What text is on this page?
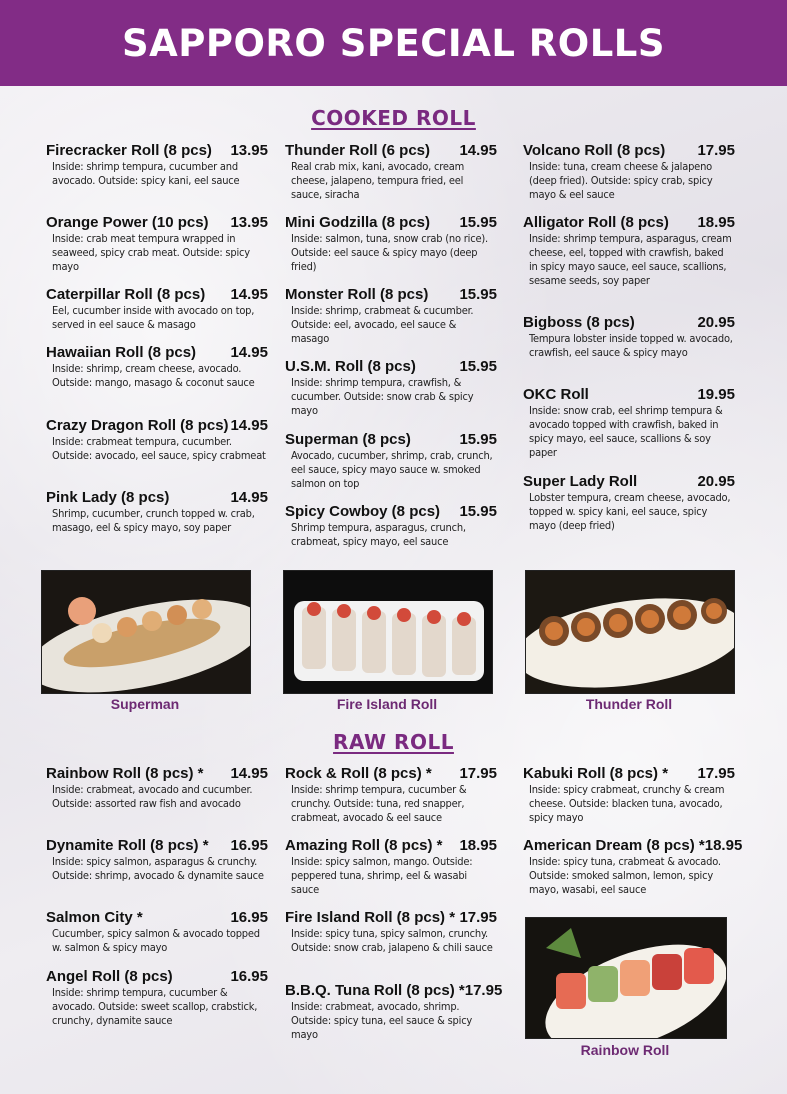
SAPPORO SPECIAL ROLLS
COOKED ROLL
Firecracker Roll (8 pcs) 13.95
Inside: shrimp tempura, cucumber and avocado. Outside: spicy kani, eel sauce
Orange Power (10 pcs) 13.95
Inside: crab meat tempura wrapped in seaweed, spicy crab meat. Outside: spicy mayo
Caterpillar Roll (8 pcs) 14.95
Eel, cucumber inside with avocado on top, served in eel sauce & masago
Hawaiian Roll (8 pcs) 14.95
Inside: shrimp, cream cheese, avocado. Outside: mango, masago & coconut sauce
Crazy Dragon Roll (8 pcs) 14.95
Inside: crabmeat tempura, cucumber. Outside: avocado, eel sauce, spicy crabmeat
Pink Lady (8 pcs)	14.95
Shrimp, cucumber, crunch topped w. crab, masago, eel & spicy mayo, soy paper
Thunder Roll (6 pcs) 14.95
Real crab mix, kani, avocado, cream cheese, jalapeno, tempura fried, eel sauce, siracha
Mini Godzilla (8 pcs) 15.95
Inside: salmon, tuna, snow crab (no rice). Outside: eel sauce & spicy mayo (deep fried)
Monster Roll (8 pcs) 15.95
Inside: shrimp, crabmeat & cucumber. Outside: eel, avocado, eel sauce & masago
U.S.M. Roll (8 pcs)	15.95
Inside: shrimp tempura, crawfish, & cucumber. Outside: snow crab & spicy mayo
Superman (8 pcs)	15.95
Avocado, cucumber, shrimp, crab, crunch, eel sauce, spicy mayo sauce w. smoked salmon on top
Spicy Cowboy (8 pcs) 15.95
Shrimp tempura, asparagus, crunch, crabmeat, spicy mayo, eel sauce
Volcano Roll (8 pcs) 17.95
Inside: tuna, cream cheese & jalapeno (deep fried). Outside: spicy crab, spicy mayo & eel sauce
Alligator Roll (8 pcs) 18.95
Inside: shrimp tempura, asparagus, cream cheese, eel, topped with crawfish, baked in spicy mayo sauce, eel sauce, scallions, sesame seeds, soy paper
Bigboss (8 pcs)	20.95
Tempura lobster inside topped w. avocado, crawfish, eel sauce & spicy mayo
OKC Roll	19.95
Inside: snow crab, eel shrimp tempura & avocado topped with crawfish, baked in spicy mayo, eel sauce, scallions & soy paper
Super Lady Roll	20.95
Lobster tempura, cream cheese, avocado, topped w. spicy kani, eel sauce, spicy mayo (deep fried)
Superman	Fire Island Roll	Thunder Roll
RAW ROLL
Rainbow Roll (8 pcs) * 14.95
Inside: crabmeat, avocado and cucumber. Outside: assorted raw fish and avocado
Dynamite Roll (8 pcs) * 16.95
Inside: spicy salmon, asparagus & crunchy. Outside: shrimp, avocado & dynamite sauce
Salmon City *	16.95
Cucumber, spicy salmon & avocado topped w. salmon & spicy mayo
Angel Roll (8 pcs)	16.95
Inside: shrimp tempura, cucumber & avocado. Outside: sweet scallop, crabstick, crunchy, dynamite sauce
Rock & Roll (8 pcs) * 17.95
Inside: shrimp tempura, cucumber & crunchy. Outside: tuna, red snapper, crabmeat, avocado & eel sauce
Amazing Roll (8 pcs) * 18.95
Inside: spicy salmon, mango. Outside: peppered tuna, shrimp, eel & wasabi sauce
Fire Island Roll (8 pcs) * 17.95
Inside: spicy tuna, spicy salmon, crunchy. Outside: snow crab, jalapeno & chili sauce
B.B.Q. Tuna Roll (8 pcs) * 17.95
Inside: crabmeat, avocado, shrimp. Outside: spicy tuna, eel sauce & spicy mayo
Kabuki Roll (8 pcs) * 17.95
Inside: spicy crabmeat, crunchy & cream cheese. Outside: blacken tuna, avocado, spicy mayo
American Dream (8 pcs) * 18.95
Inside: spicy tuna, crabmeat & avocado. Outside: smoked salmon, lemon, spicy mayo, wasabi, eel sauce
Rainbow Roll
